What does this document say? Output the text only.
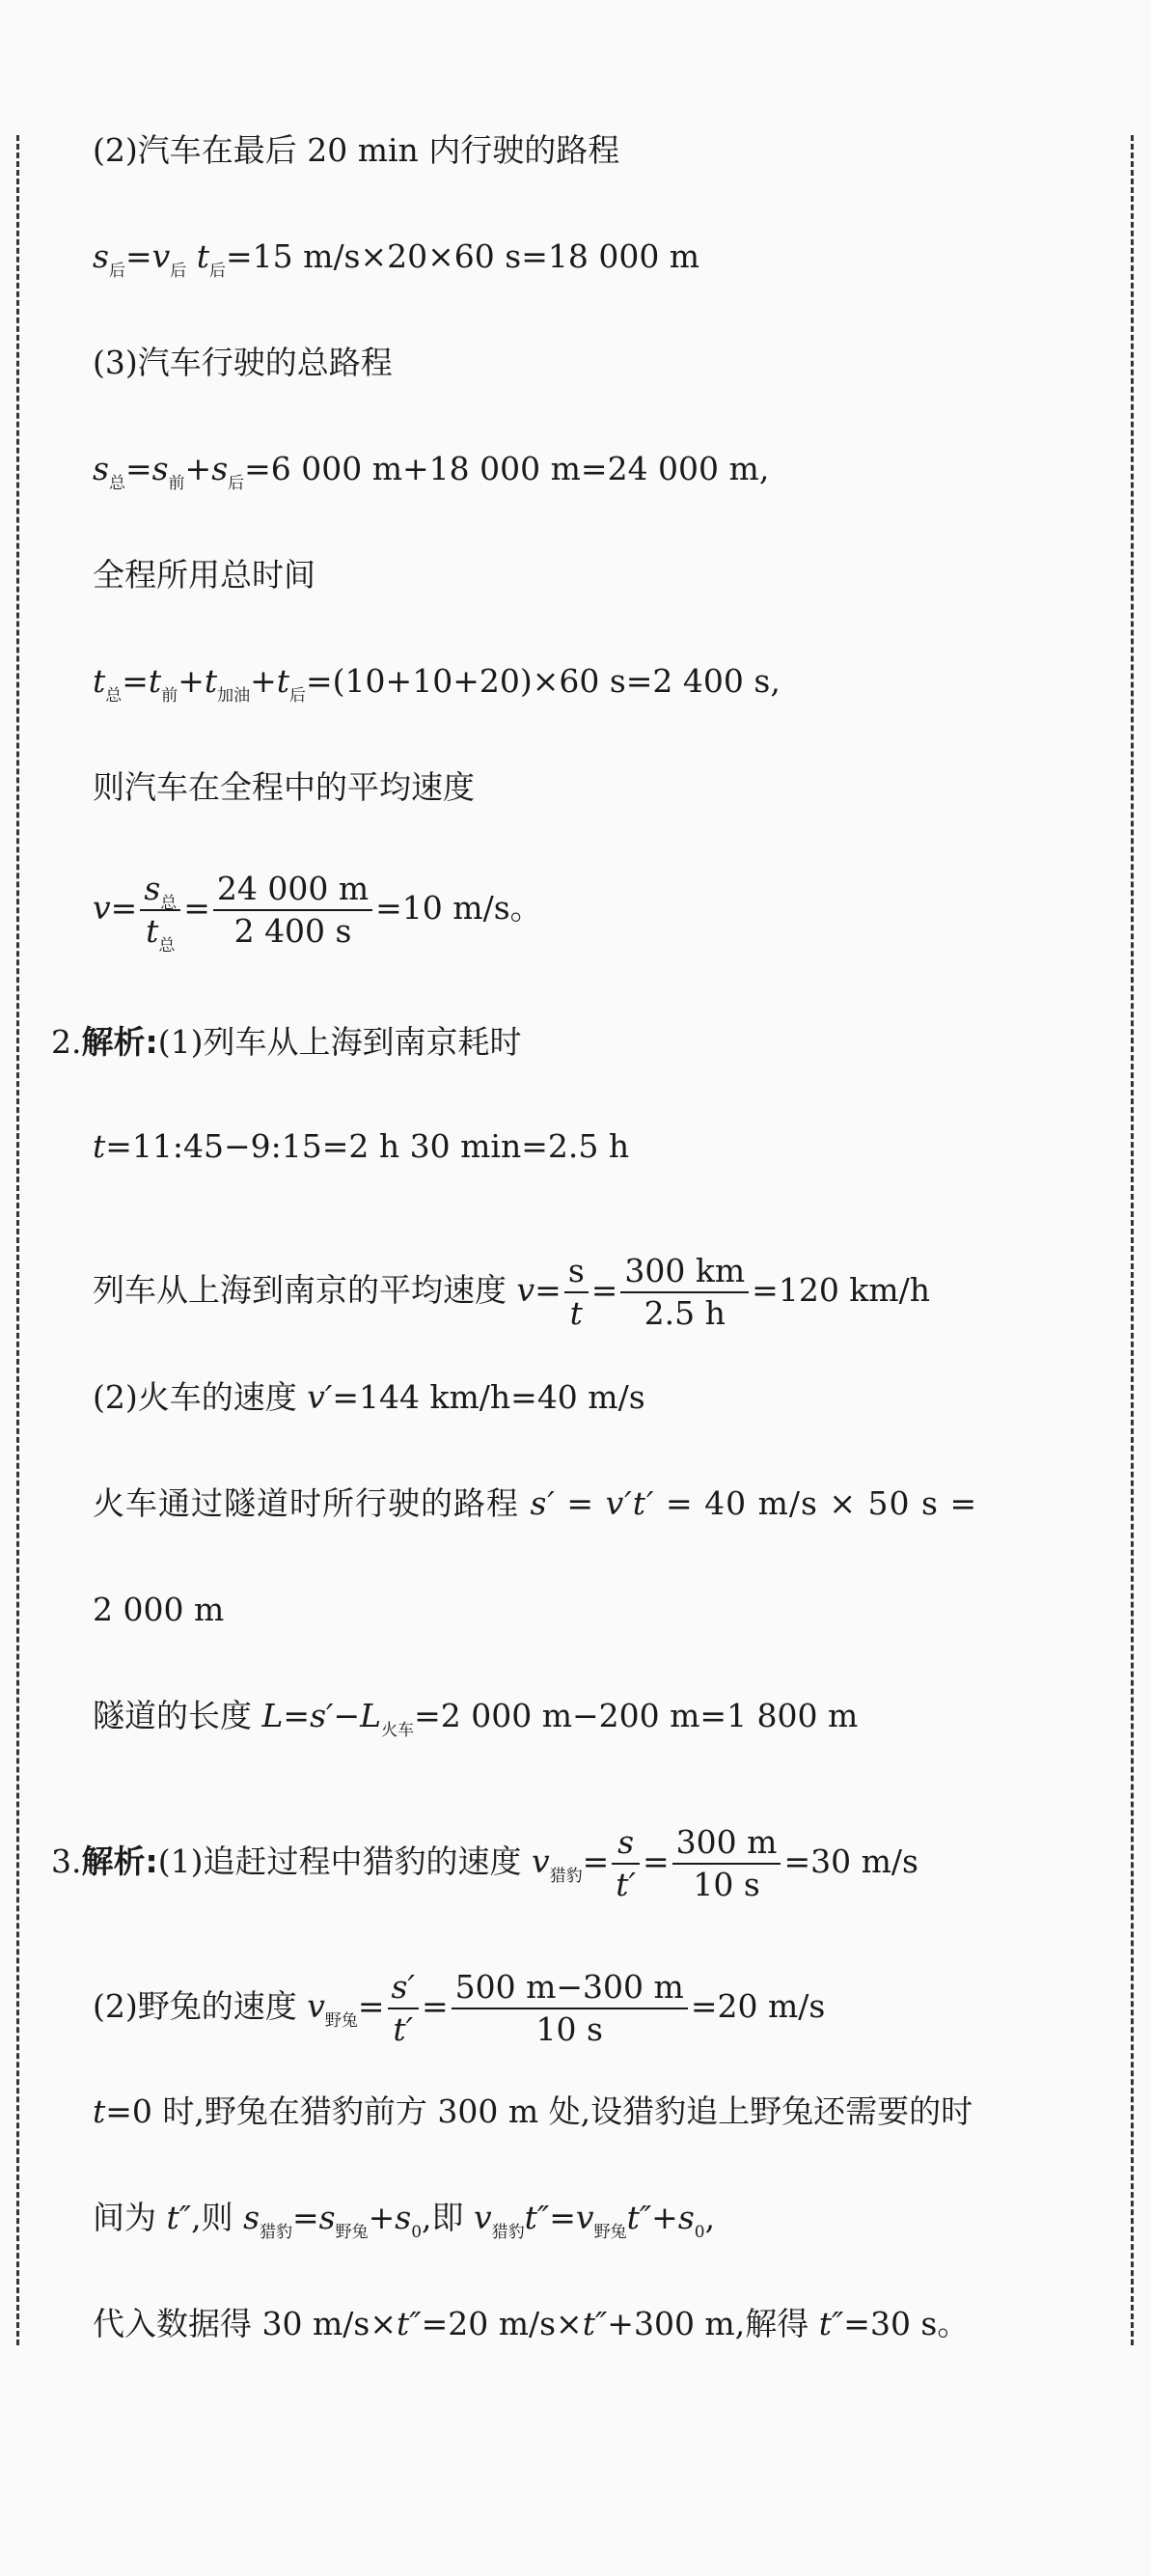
(2)汽车在最后 20 min 内行驶的路程
$s_后=v_后$ $t_后=15$ m/s×20×60 s=18 000 m
(3)汽车行驶的总路程
$s_总=s_前+s_后=6$ 000 m+18 000 m=24 000 m,
全程所用总时间
$t_总=t_前+t_{加油}+t_后=(10+10+20)\times 60$ s=2 400 s,
则汽车在全程中的平均速度
$v= \frac{s_总}{t_总} = \frac{24 000 m}{2 400 s} =10$ m/s。
2.解析:(1)列车从上海到南京耗时
t=11:45−9:15=2 h 30 min=2.5 h
列车从上海到南京的平均速度 $v= \frac{s}{t} = \frac{300 km}{2.5 h} =120$ km/h
(2)火车的速度 v′=144 km/h=40 m/s
火车通过隧道时所行驶的路程 s′ = v′t′ = 40 m/s × 50 s =
2 000 m
隧道的长度 $L=s'-L_{火车}=2$ 000 m−200 m=1 800 m
3.解析:(1)追赶过程中猎豹的速度 $v_{猎豹}= \frac{s}{t'} = \frac{300 m}{10 s} =30$ m/s
(2)野兔的速度 $v_{野兔}= \frac{s'}{t'} = \frac{500 m-300 m}{10 s} =20$ m/s
t=0 时,野兔在猎豹前方 300 m 处,设猎豹追上野兔还需要的时
间为 t″,则 $s_{猎豹}=s_{野兔}+s_0$,即 $v_{猎豹}t''=v_{野兔}t''+s_0$,
代入数据得 30 m/s×t″=20 m/s×t″+300 m,解得 t″=30 s。
